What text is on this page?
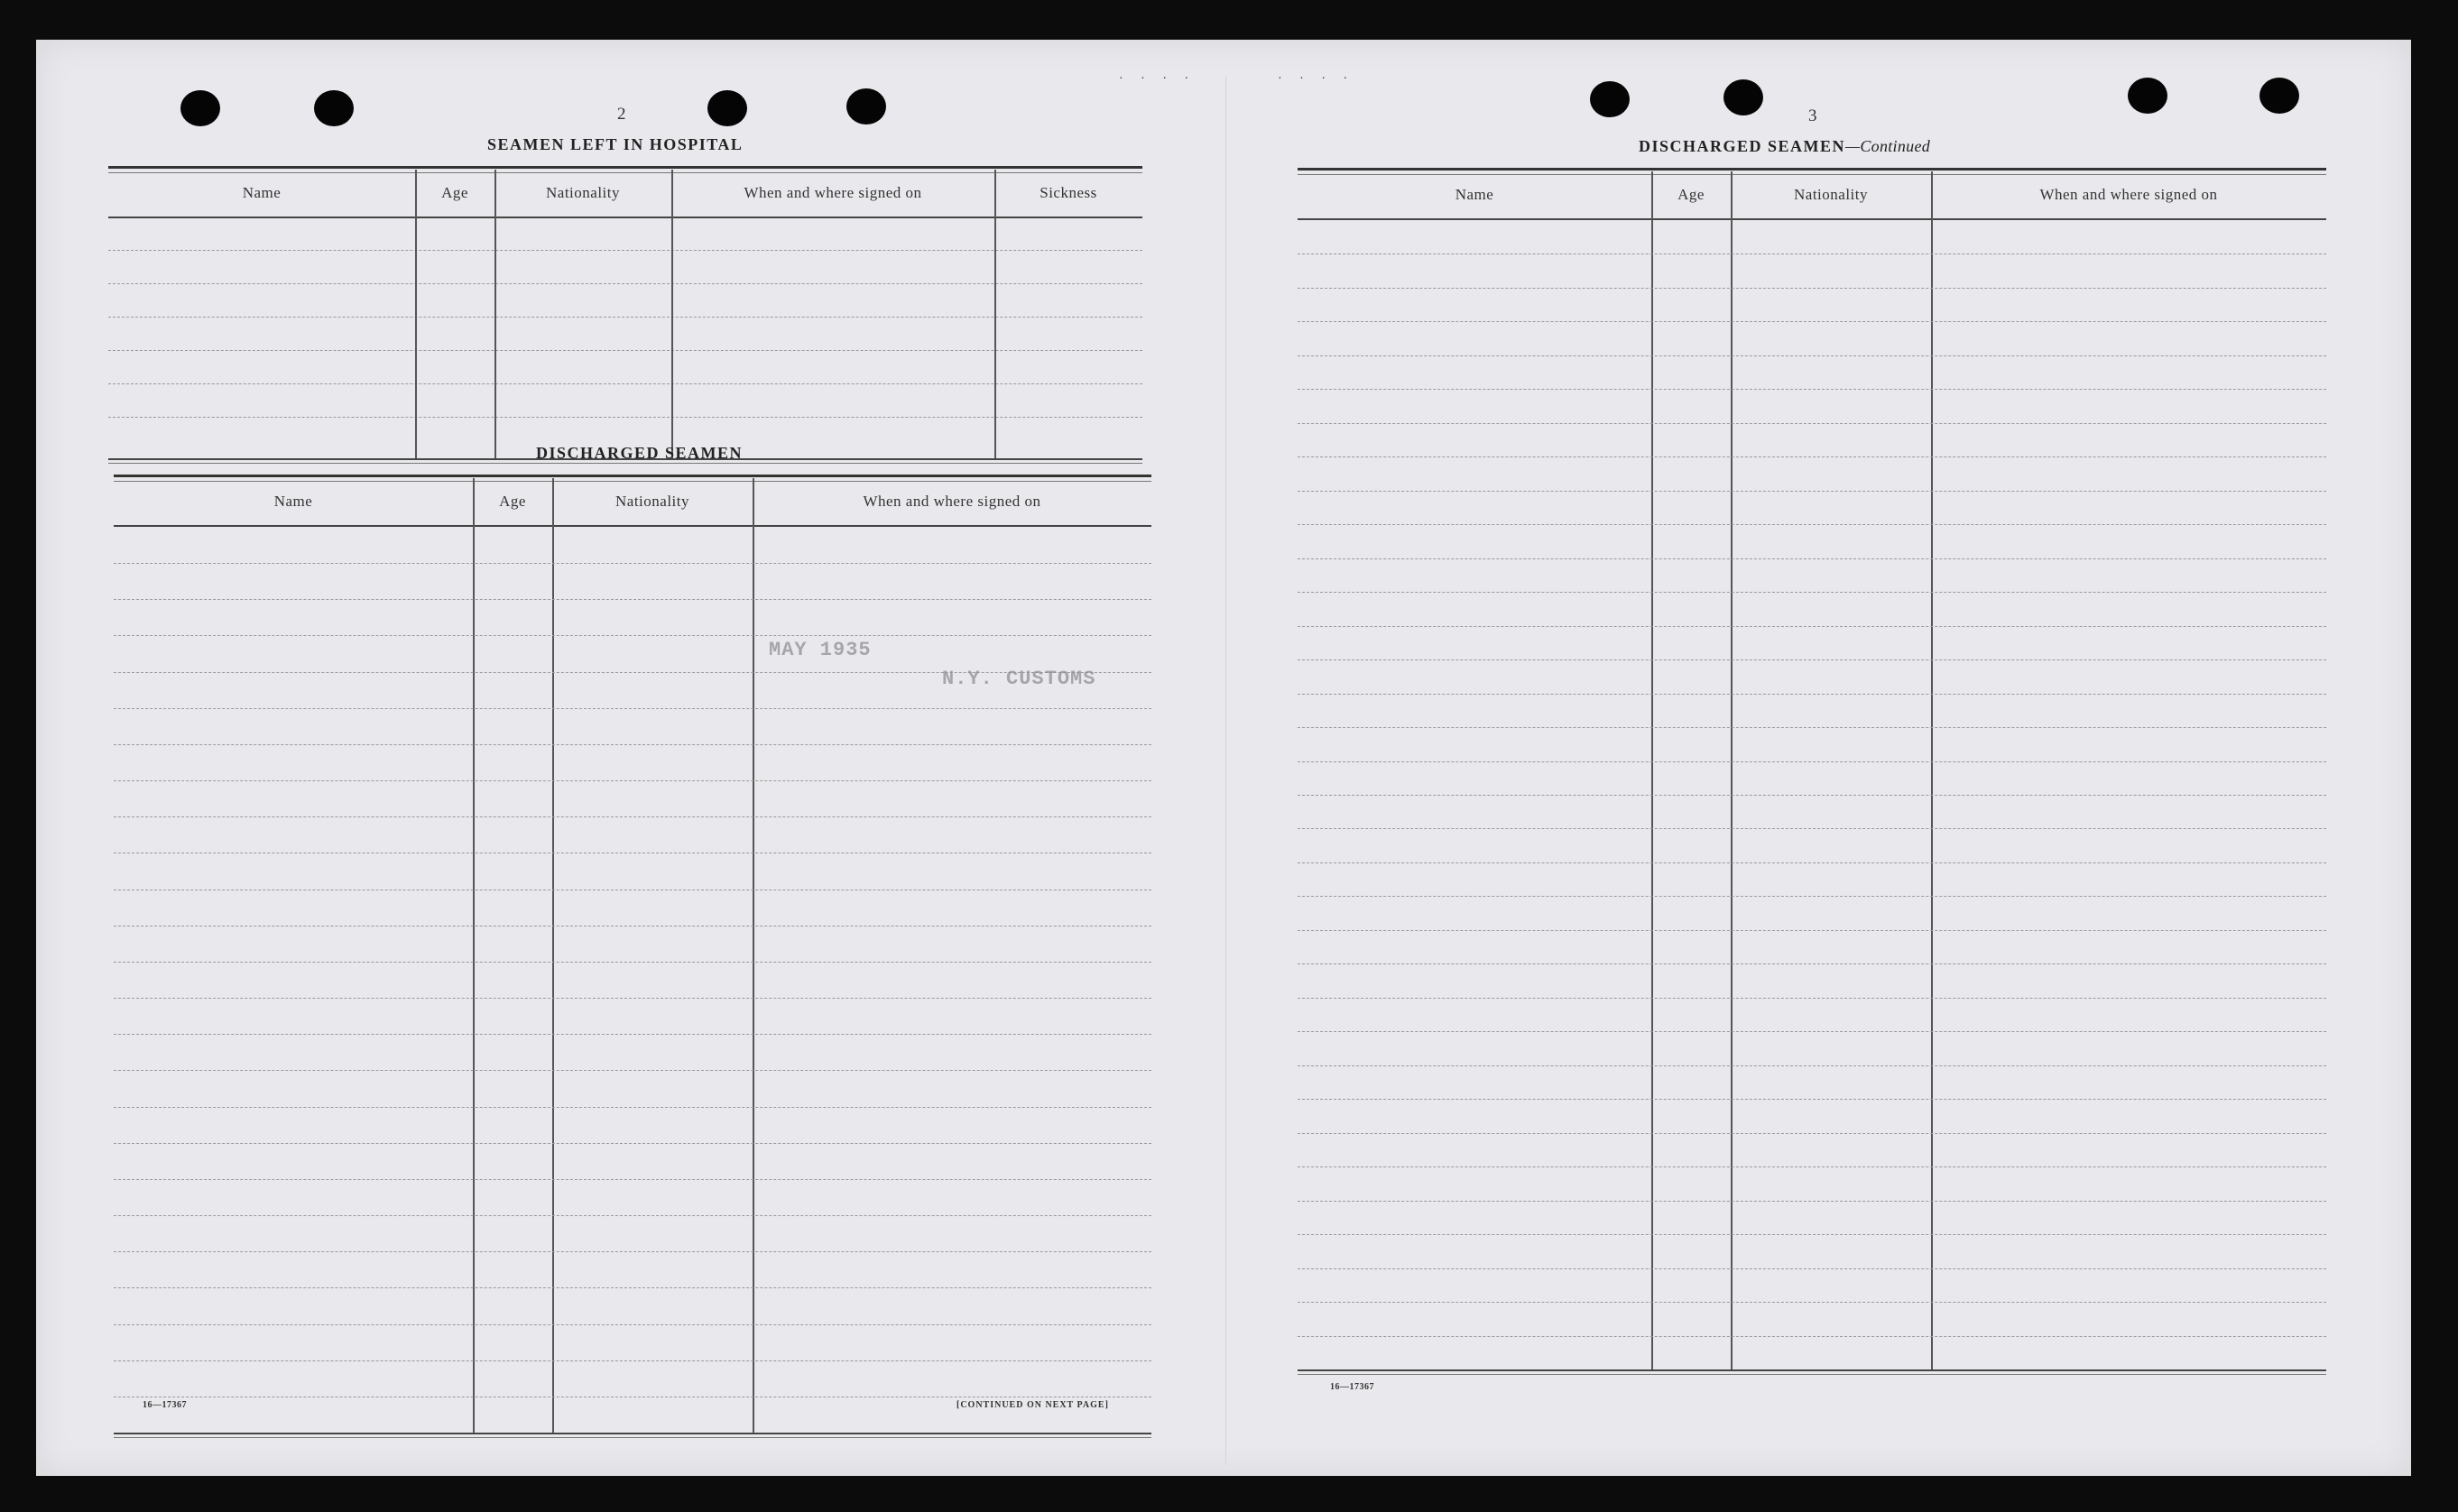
· · · ·	· · · ·
2
SEAMEN LEFT IN HOSPITAL
Name	Age	Nationality	When and where signed on	Sickness
DISCHARGED SEAMEN
Name	Age	Nationality	When and where signed on
MAY 1935
N.Y. CUSTOMS
16—17367	[CONTINUED ON NEXT PAGE]
3
DISCHARGED SEAMEN—Continued
Name	Age	Nationality	When and where signed on
16—17367
